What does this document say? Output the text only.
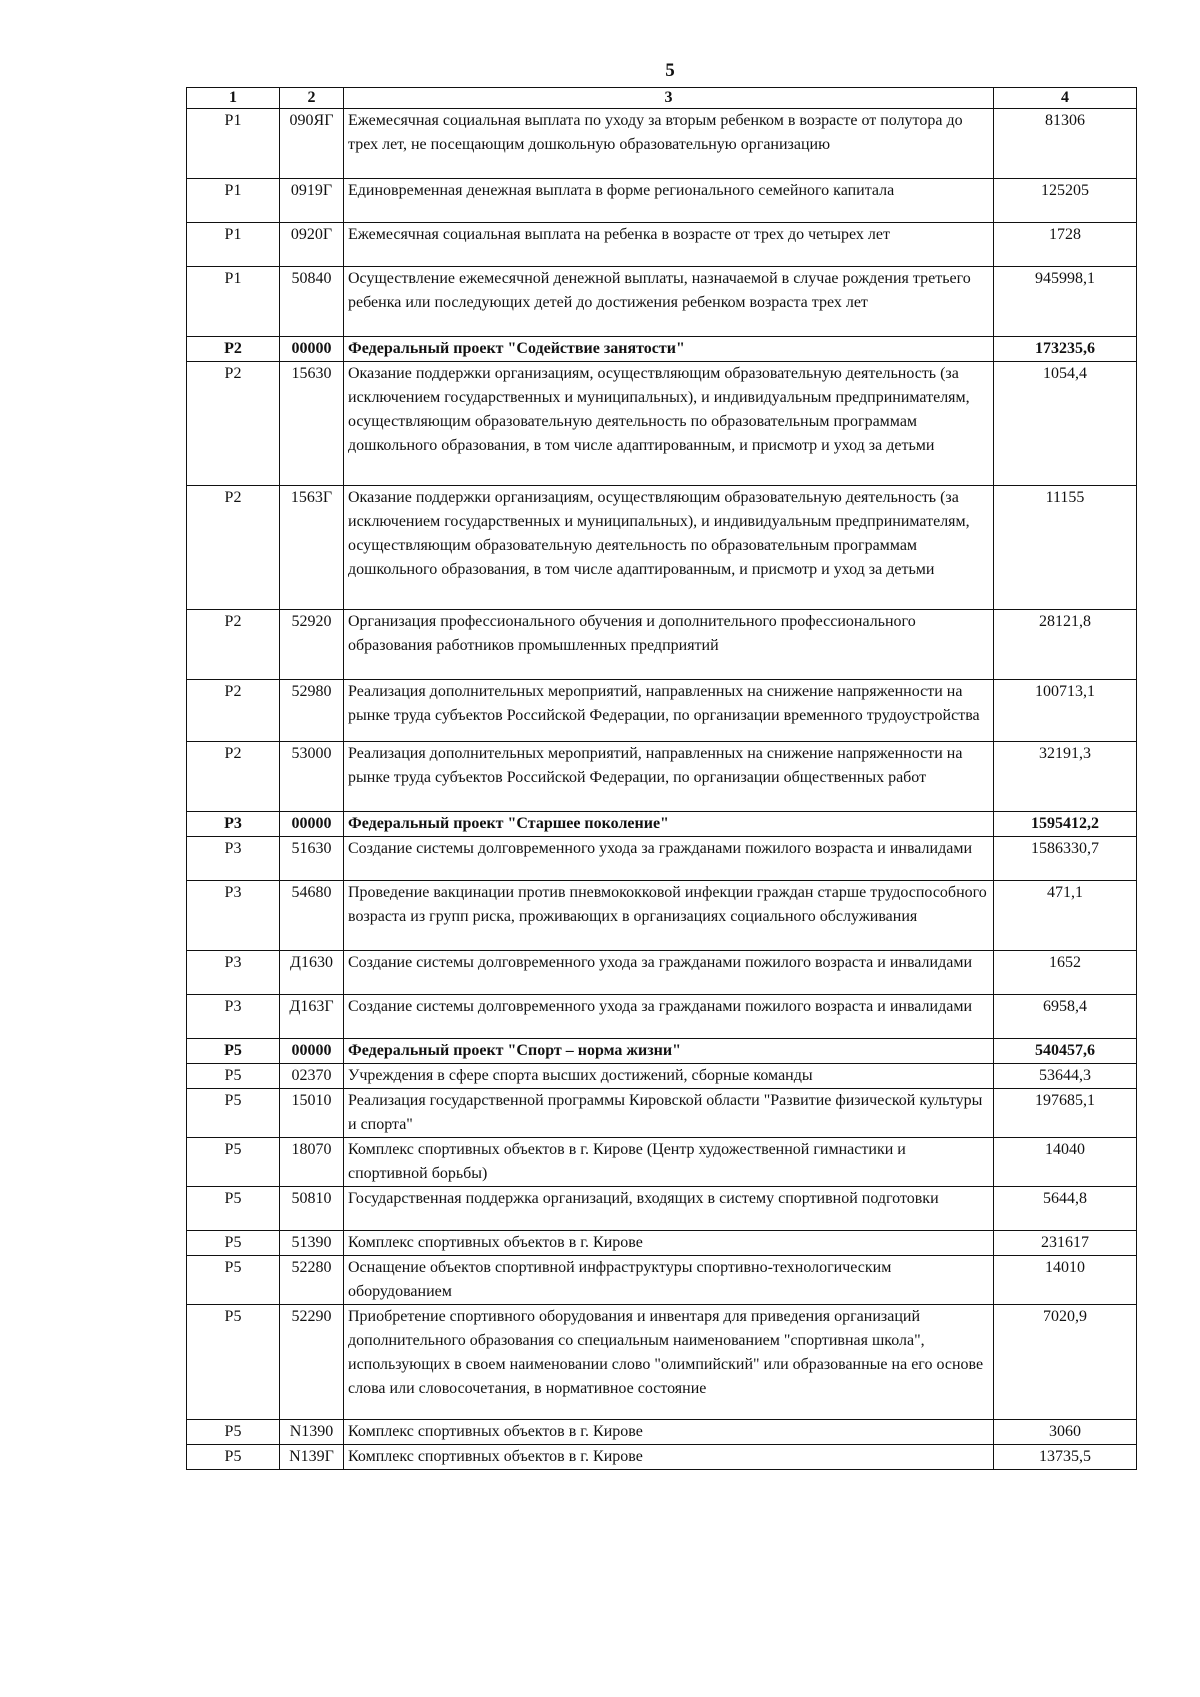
5
1	2	3	4
P1	090ЯГ	Ежемесячная социальная выплата по уходу за вторым ребенком в возрасте от полутора до трех лет, не посещающим дошкольную образовательную организацию	81306
P1	0919Г	Единовременная денежная выплата в форме регионального семейного капитала	125205
P1	0920Г	Ежемесячная социальная выплата на ребенка в возрасте от трех до четырех лет	1728
P1	50840	Осуществление ежемесячной денежной выплаты, назначаемой в случае рождения третьего ребенка или последующих детей до достижения ребенком возраста трех лет	945998,1
P2	00000	Федеральный проект "Содействие занятости"	173235,6
P2	15630	Оказание поддержки организациям, осуществляющим образовательную деятельность (за исключением государственных и муниципальных), и индивидуальным предпринимателям, осуществляющим образовательную деятельность по образовательным программам дошкольного образования, в том числе адаптированным, и присмотр и уход за детьми	1054,4
P2	1563Г	Оказание поддержки организациям, осуществляющим образовательную деятельность (за исключением государственных и муниципальных), и индивидуальным предпринимателям, осуществляющим образовательную деятельность по образовательным программам дошкольного образования, в том числе адаптированным, и присмотр и уход за детьми	11155
P2	52920	Организация профессионального обучения и дополнительного профессионального образования работников промышленных предприятий	28121,8
P2	52980	Реализация дополнительных мероприятий, направленных на снижение напряженности на рынке труда субъектов Российской Федерации, по организации временного трудоустройства	100713,1
P2	53000	Реализация дополнительных мероприятий, направленных на снижение напряженности на рынке труда субъектов Российской Федерации, по организации общественных работ	32191,3
P3	00000	Федеральный проект "Старшее поколение"	1595412,2
P3	51630	Создание системы долговременного ухода за гражданами пожилого возраста и инвалидами	1586330,7
P3	54680	Проведение вакцинации против пневмококковой инфекции граждан старше трудоспособного возраста из групп риска, проживающих в организациях социального обслуживания	471,1
P3	Д1630	Создание системы долговременного ухода за гражданами пожилого возраста и инвалидами	1652
P3	Д163Г	Создание системы долговременного ухода за гражданами пожилого возраста и инвалидами	6958,4
P5	00000	Федеральный проект "Спорт – норма жизни"	540457,6
P5	02370	Учреждения в сфере спорта высших достижений, сборные команды	53644,3
P5	15010	Реализация государственной программы Кировской области "Развитие физической культуры и спорта"	197685,1
P5	18070	Комплекс спортивных объектов в г. Кирове (Центр художественной гимнастики и спортивной борьбы)	14040
P5	50810	Государственная поддержка организаций, входящих в систему спортивной подготовки	5644,8
P5	51390	Комплекс спортивных объектов в г. Кирове	231617
P5	52280	Оснащение объектов спортивной инфраструктуры спортивно-технологическим оборудованием	14010
P5	52290	Приобретение спортивного оборудования и инвентаря для приведения организаций дополнительного образования со специальным наименованием "спортивная школа", использующих в своем наименовании слово "олимпийский" или образованные на его основе слова или словосочетания, в нормативное состояние	7020,9
P5	N1390	Комплекс спортивных объектов в г. Кирове	3060
P5	N139Г	Комплекс спортивных объектов в г. Кирове	13735,5
